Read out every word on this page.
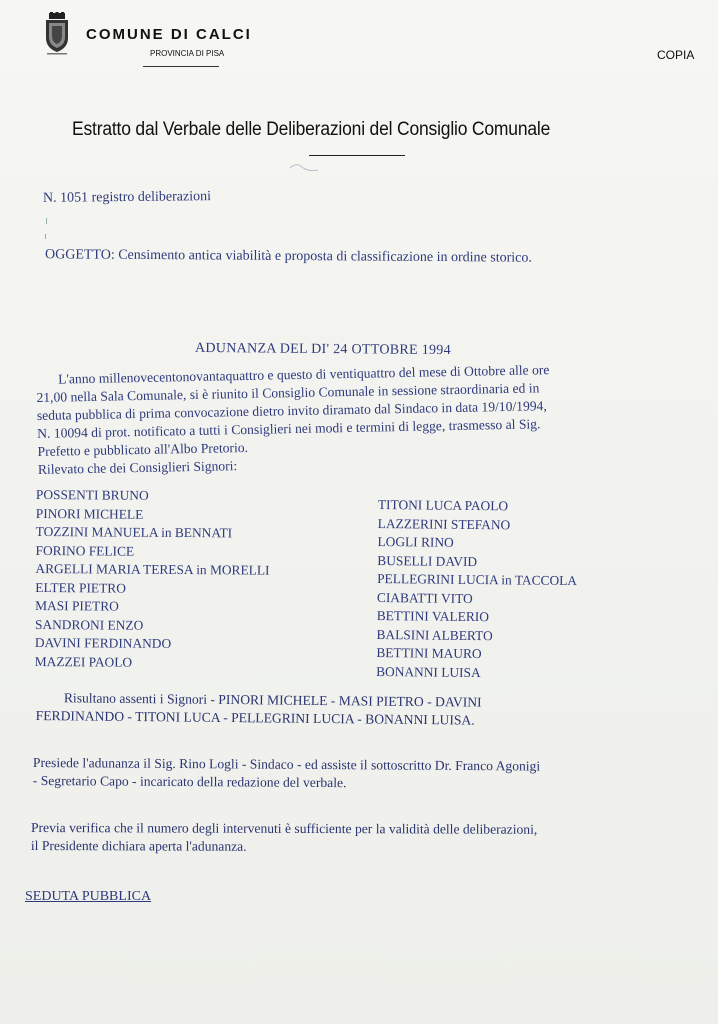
COMUNE DI CALCI
PROVINCIA DI PISA	COPIA
Estratto dal Verbale delle Deliberazioni del Consiglio Comunale
N. 1051 registro deliberazioni
OGGETTO: Censimento antica viabilità e proposta di classificazione in ordine storico.
ADUNANZA DEL DI' 24 OTTOBRE 1994
L'anno millenovecentonovantaquattro e questo di ventiquattro del mese di Ottobre alle ore
21,00 nella Sala Comunale, si è riunito il Consiglio Comunale in sessione straordinaria ed in
seduta pubblica di prima convocazione dietro invito diramato dal Sindaco in data 19/10/1994,
N. 10094 di prot. notificato a tutti i Consiglieri nei modi e termini di legge, trasmesso al Sig.
Prefetto e pubblicato all'Albo Pretorio.
Rilevato che dei Consiglieri Signori:
POSSENTI BRUNO
PINORI MICHELE
TOZZINI MANUELA in BENNATI
FORINO FELICE
ARGELLI MARIA TERESA in MORELLI
ELTER PIETRO
MASI PIETRO
SANDRONI ENZO
DAVINI FERDINANDO
MAZZEI PAOLO
TITONI LUCA PAOLO
LAZZERINI STEFANO
LOGLI RINO
BUSELLI DAVID
PELLEGRINI LUCIA in TACCOLA
CIABATTI VITO
BETTINI VALERIO
BALSINI ALBERTO
BETTINI MAURO
BONANNI LUISA
Risultano assenti i Signori - PINORI MICHELE - MASI PIETRO - DAVINI
FERDINANDO - TITONI LUCA - PELLEGRINI LUCIA - BONANNI LUISA.
Presiede l'adunanza il Sig. Rino Logli - Sindaco - ed assiste il sottoscritto Dr. Franco Agonigi
- Segretario Capo - incaricato della redazione del verbale.
Previa verifica che il numero degli intervenuti è sufficiente per la validità delle deliberazioni,
il Presidente dichiara aperta l'adunanza.
SEDUTA PUBBLICA
